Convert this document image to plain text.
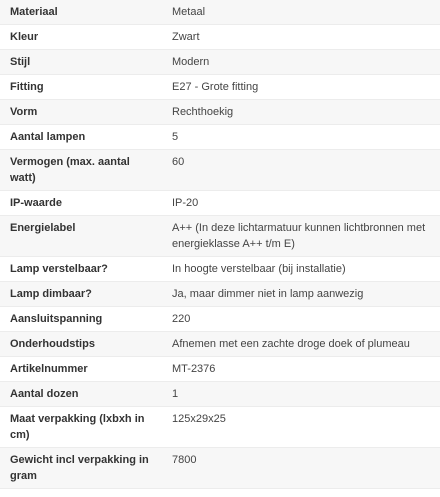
Materiaal	Metaal
Kleur	Zwart
Stijl	Modern
Fitting	E27 - Grote fitting
Vorm	Rechthoekig
Aantal lampen	5
Vermogen (max. aantal watt)	60
IP-waarde	IP-20
Energielabel	A++ (In deze lichtarmatuur kunnen lichtbronnen met energieklasse A++ t/m E)
Lamp verstelbaar?	In hoogte verstelbaar (bij installatie)
Lamp dimbaar?	Ja, maar dimmer niet in lamp aanwezig
Aansluitspanning	220
Onderhoudstips	Afnemen met een zachte droge doek of plumeau
Artikelnummer	MT-2376
Aantal dozen	1
Maat verpakking (lxbxh in cm)	125x29x25
Gewicht incl verpakking in gram	7800
